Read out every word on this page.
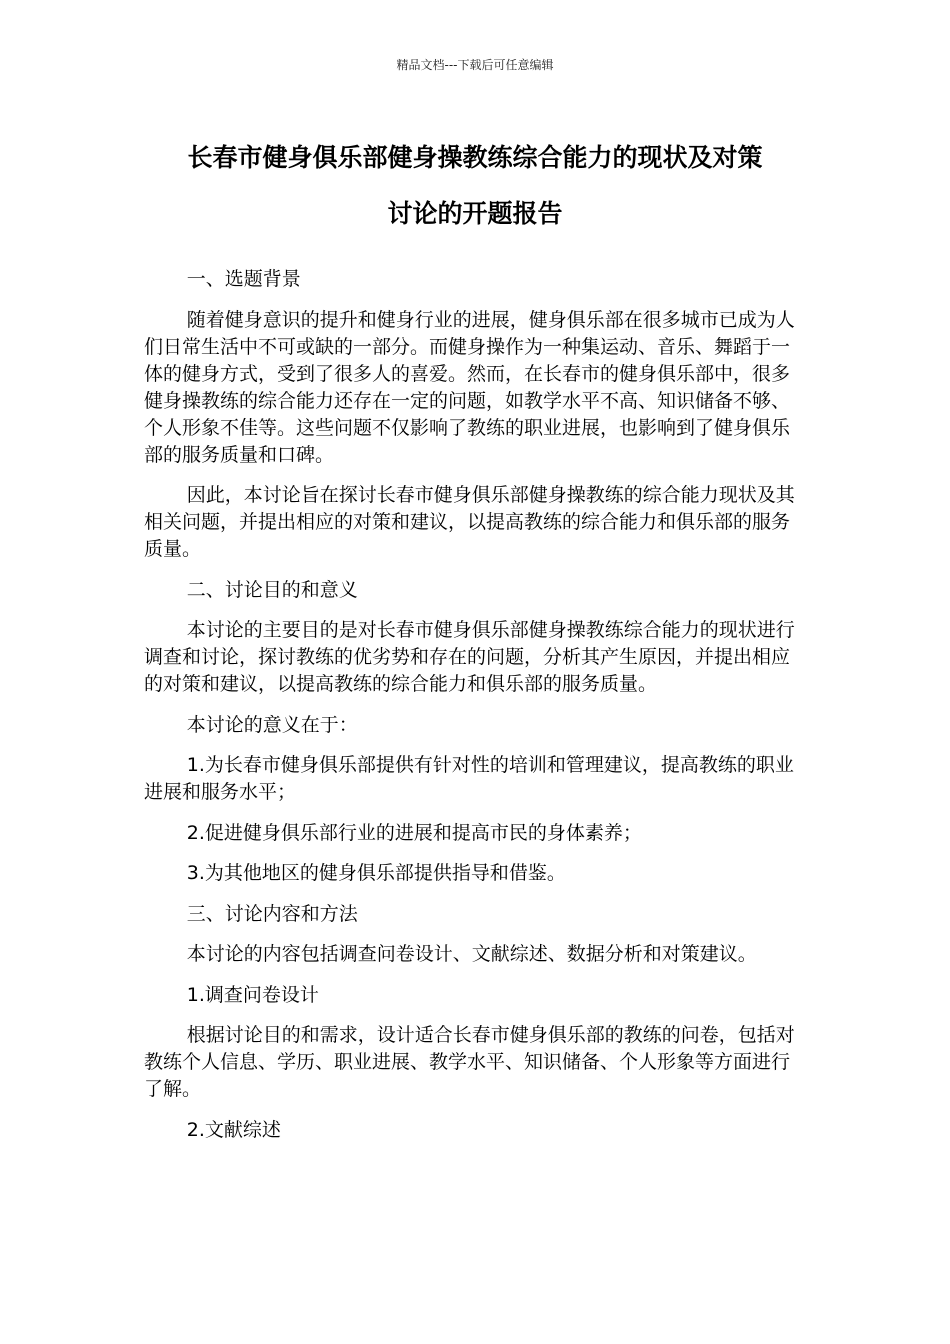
精品文档---下载后可任意编辑
长春市健身俱乐部健身操教练综合能力的现状及对策
讨论的开题报告

一、选题背景

随着健身意识的提升和健身行业的进展，健身俱乐部在很多城市已成为人们日常生活中不可或缺的一部分。而健身操作为一种集运动、音乐、舞蹈于一体的健身方式，受到了很多人的喜爱。然而，在长春市的健身俱乐部中，很多健身操教练的综合能力还存在一定的问题，如教学水平不高、知识储备不够、个人形象不佳等。这些问题不仅影响了教练的职业进展，也影响到了健身俱乐部的服务质量和口碑。

因此，本讨论旨在探讨长春市健身俱乐部健身操教练的综合能力现状及其相关问题，并提出相应的对策和建议，以提高教练的综合能力和俱乐部的服务质量。

二、讨论目的和意义

本讨论的主要目的是对长春市健身俱乐部健身操教练综合能力的现状进行调查和讨论，探讨教练的优劣势和存在的问题，分析其产生原因，并提出相应的对策和建议，以提高教练的综合能力和俱乐部的服务质量。

本讨论的意义在于：

1.为长春市健身俱乐部提供有针对性的培训和管理建议，提高教练的职业进展和服务水平；

2.促进健身俱乐部行业的进展和提高市民的身体素养；

3.为其他地区的健身俱乐部提供指导和借鉴。

三、讨论内容和方法

本讨论的内容包括调查问卷设计、文献综述、数据分析和对策建议。

1.调查问卷设计

根据讨论目的和需求，设计适合长春市健身俱乐部的教练的问卷，包括对教练个人信息、学历、职业进展、教学水平、知识储备、个人形象等方面进行了解。

2.文献综述
